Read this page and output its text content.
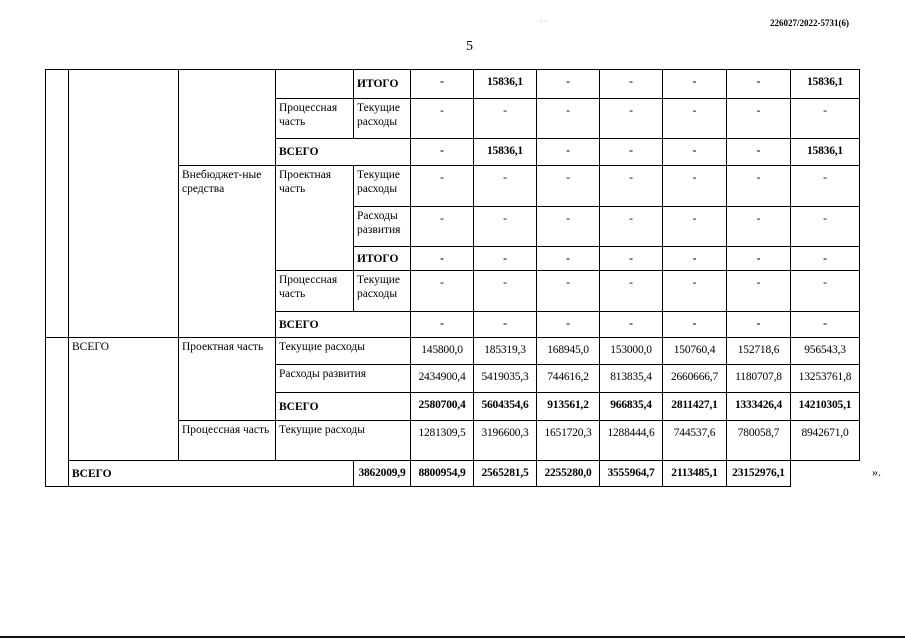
226027/2022-5731(6)
· ·
5
				ИТОГО	-	15836,1	-	-	-	-	15836,1
			Процессная часть	Текущие расходы	-	-	-	-	-	-	-
			ВСЕГО		-	15836,1	-	-	-	-	15836,1
		Внебюджет-ные средства	Проектная часть	Текущие расходы	-	-	-	-	-	-	-
				Расходы развития	-	-	-	-	-	-	-
				ИТОГО	-	-	-	-	-	-	-
			Процессная часть	Текущие расходы	-	-	-	-	-	-	-
			ВСЕГО		-	-	-	-	-	-	-
	ВСЕГО	Проектная часть	Текущие расходы		145800,0	185319,3	168945,0	153000,0	150760,4	152718,6	956543,3
			Расходы развития		2434900,4	5419035,3	744616,2	813835,4	2660666,7	1180707,8	13253761,8
			ВСЕГО		2580700,4	5604354,6	913561,2	966835,4	2811427,1	1333426,4	14210305,1
		Процессная часть	Текущие расходы		1281309,5	3196600,3	1651720,3	1288444,6	744537,6	780058,7	8942671,0
	ВСЕГО			3862009,9	8800954,9	2565281,5	2255280,0	3555964,7	2113485,1	23152976,1		».
